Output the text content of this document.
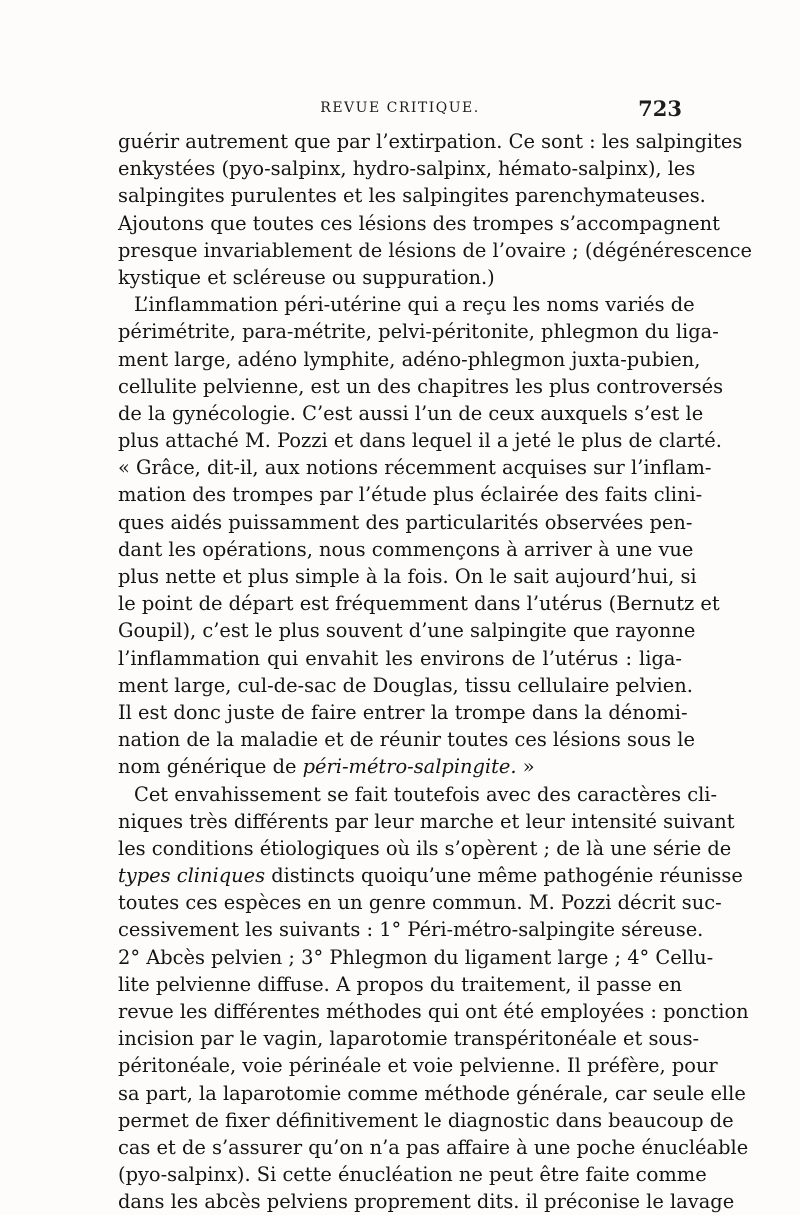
REVUE CRITIQUE.	723
guérir autrement que par l’extirpation. Ce sont : les salpingites
enkystées (pyo-salpinx, hydro-salpinx, hémato-salpinx), les
salpingites purulentes et les salpingites parenchymateuses.
Ajoutons que toutes ces lésions des trompes s’accompagnent
presque invariablement de lésions de l’ovaire ; (dégénérescence
kystique et scléreuse ou suppuration.)
L’inflammation péri-utérine qui a reçu les noms variés de
périmétrite, para-métrite, pelvi-péritonite, phlegmon du liga-
ment large, adéno lymphite, adéno-phlegmon juxta-pubien,
cellulite pelvienne, est un des chapitres les plus controversés
de la gynécologie. C’est aussi l’un de ceux auxquels s’est le
plus attaché M. Pozzi et dans lequel il a jeté le plus de clarté.
« Grâce, dit-il, aux notions récemment acquises sur l’inflam-
mation des trompes par l’étude plus éclairée des faits clini-
ques aidés puissamment des particularités observées pen-
dant les opérations, nous commençons à arriver à une vue
plus nette et plus simple à la fois. On le sait aujourd’hui, si
le point de départ est fréquemment dans l’utérus (Bernutz et
Goupil), c’est le plus souvent d’une salpingite que rayonne
l’inflammation qui envahit les environs de l’utérus : liga-
ment large, cul-de-sac de Douglas, tissu cellulaire pelvien.
Il est donc juste de faire entrer la trompe dans la dénomi-
nation de la maladie et de réunir toutes ces lésions sous le
nom générique de péri-métro-salpingite. »
Cet envahissement se fait toutefois avec des caractères cli-
niques très différents par leur marche et leur intensité suivant
les conditions étiologiques où ils s’opèrent ; de là une série de
types cliniques distincts quoiqu’une même pathogénie réunisse
toutes ces espèces en un genre commun. M. Pozzi décrit suc-
cessivement les suivants : 1° Péri-métro-salpingite séreuse.
2° Abcès pelvien ; 3° Phlegmon du ligament large ; 4° Cellu-
lite pelvienne diffuse. A propos du traitement, il passe en
revue les différentes méthodes qui ont été employées : ponction
incision par le vagin, laparotomie transpéritonéale et sous-
péritonéale, voie périnéale et voie pelvienne. Il préfère, pour
sa part, la laparotomie comme méthode générale, car seule elle
permet de fixer définitivement le diagnostic dans beaucoup de
cas et de s’assurer qu’on n’a pas affaire à une poche énucléable
(pyo-salpinx). Si cette énucléation ne peut être faite comme
dans les abcès pelviens proprement dits. il préconise le lavage
